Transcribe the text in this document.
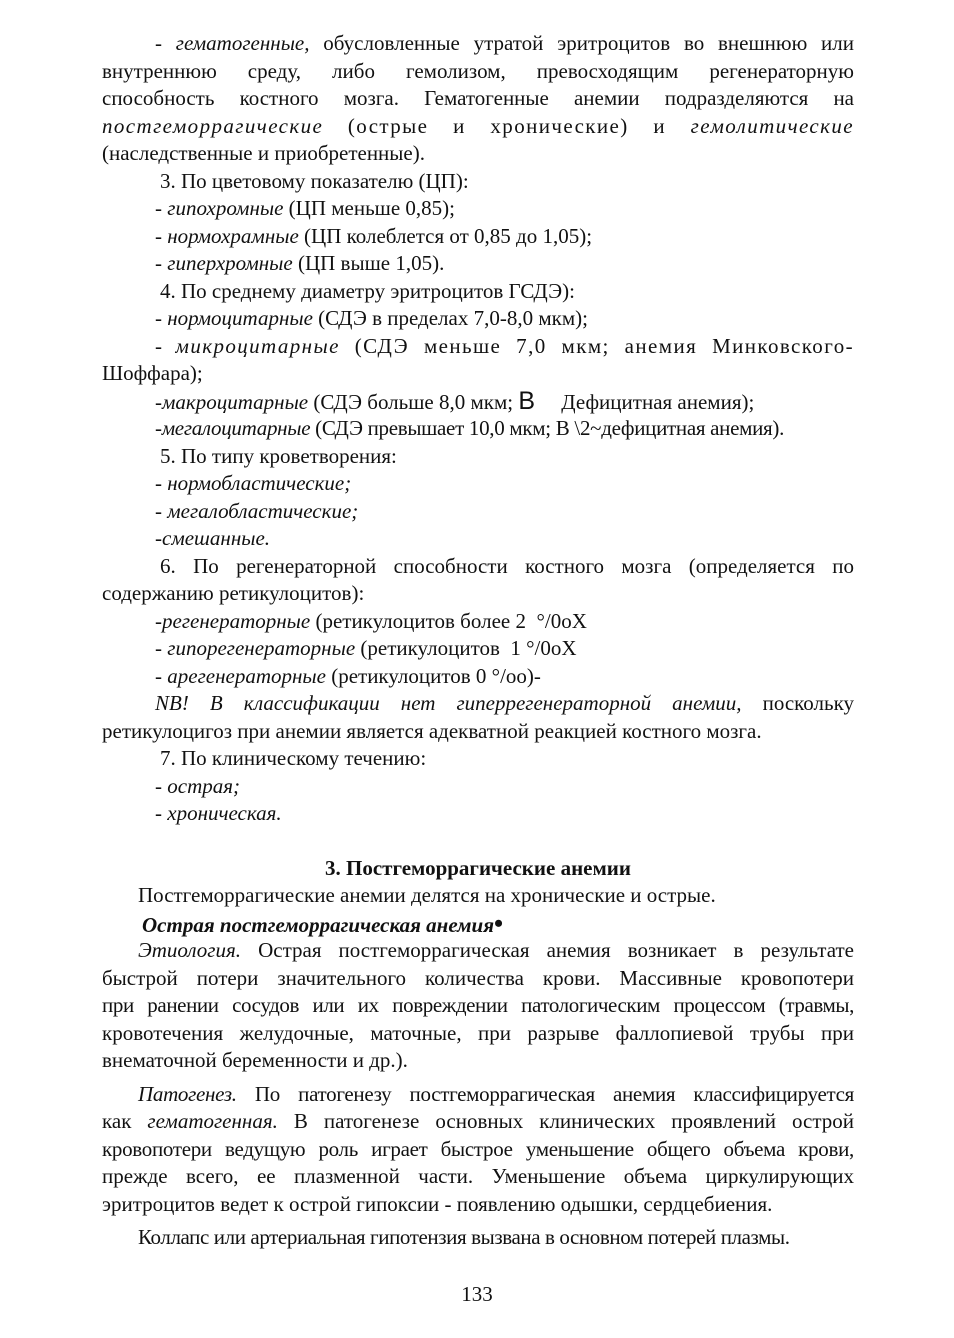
- гематогенные, обусловленные утратой эритроцитов во внешнюю или
внутреннюю среду, либо гемолизом, превосходящим регенераторную
способность костного мозга. Гематогенные анемии подразделяются на
постгеморрагические (острые и хронические) и гемолитические
(наследственные и приобретенные).
3. По цветовому показателю (ЦП):
- гипохромные (ЦП меньше 0,85);
- нормохрамные (ЦП колеблется от 0,85 до 1,05);
- гиперхромные (ЦП выше 1,05).
4. По среднему диаметру эритроцитов ГСДЭ):
- нормоцитарные (СДЭ в пределах 7,0-8,0 мкм);
- микроцитарные (СДЭ меньше 7,0 мкм; анемия Минковского-
Шоффара);
-макроцитарные (СДЭ больше 8,0 мкм; В     Дефицитная анемия);
-мегалоцитарные (СДЭ превышает 10,0 мкм; В \2~дефицитная анемия).
5. По типу кроветворения:
- нормобластические;
- мегалобластические;
-смешанные.
6. По регенераторной способности костного мозга (определяется по
содержанию ретикулоцитов):
-регенераторные (ретикулоцитов более 2  °/0оХ
- гипорегенераторные (ретикулоцитов  1 °/0оХ
- арегенераторные (ретикулоцитов 0 °/оо)-
NB! В классификации нет гиперрегенераторной анемии, поскольку
ретикулоцигоз при анемии является адекватной реакцией костного мозга.
7. По клиническому течению:
- острая;
- хроническая.
3. Постгеморрагические анемии
Постгеморрагические анемии делятся на хронические и острые.
Острая постгеморрагическая анемия•
Этиология. Острая постгеморрагическая анемия возникает в результате
быстрой потери значительного количества крови. Массивные кровопотери
при ранении сосудов или их повреждении патологическим процессом (травмы,
кровотечения желудочные, маточные, при разрыве фаллопиевой трубы при
внематочной беременности и др.).
Патогенез. По патогенезу постгеморрагическая анемия классифицируется
как гематогенная. В патогенезе основных клинических проявлений острой
кровопотери ведущую роль играет быстрое уменьшение общего объема крови,
прежде всего, ее плазменной части. Уменьшение объема циркулирующих
эритроцитов ведет к острой гипоксии - появлению одышки, сердцебиения.
Коллапс или артериальная гипотензия вызвана в основном потерей плазмы.
133
